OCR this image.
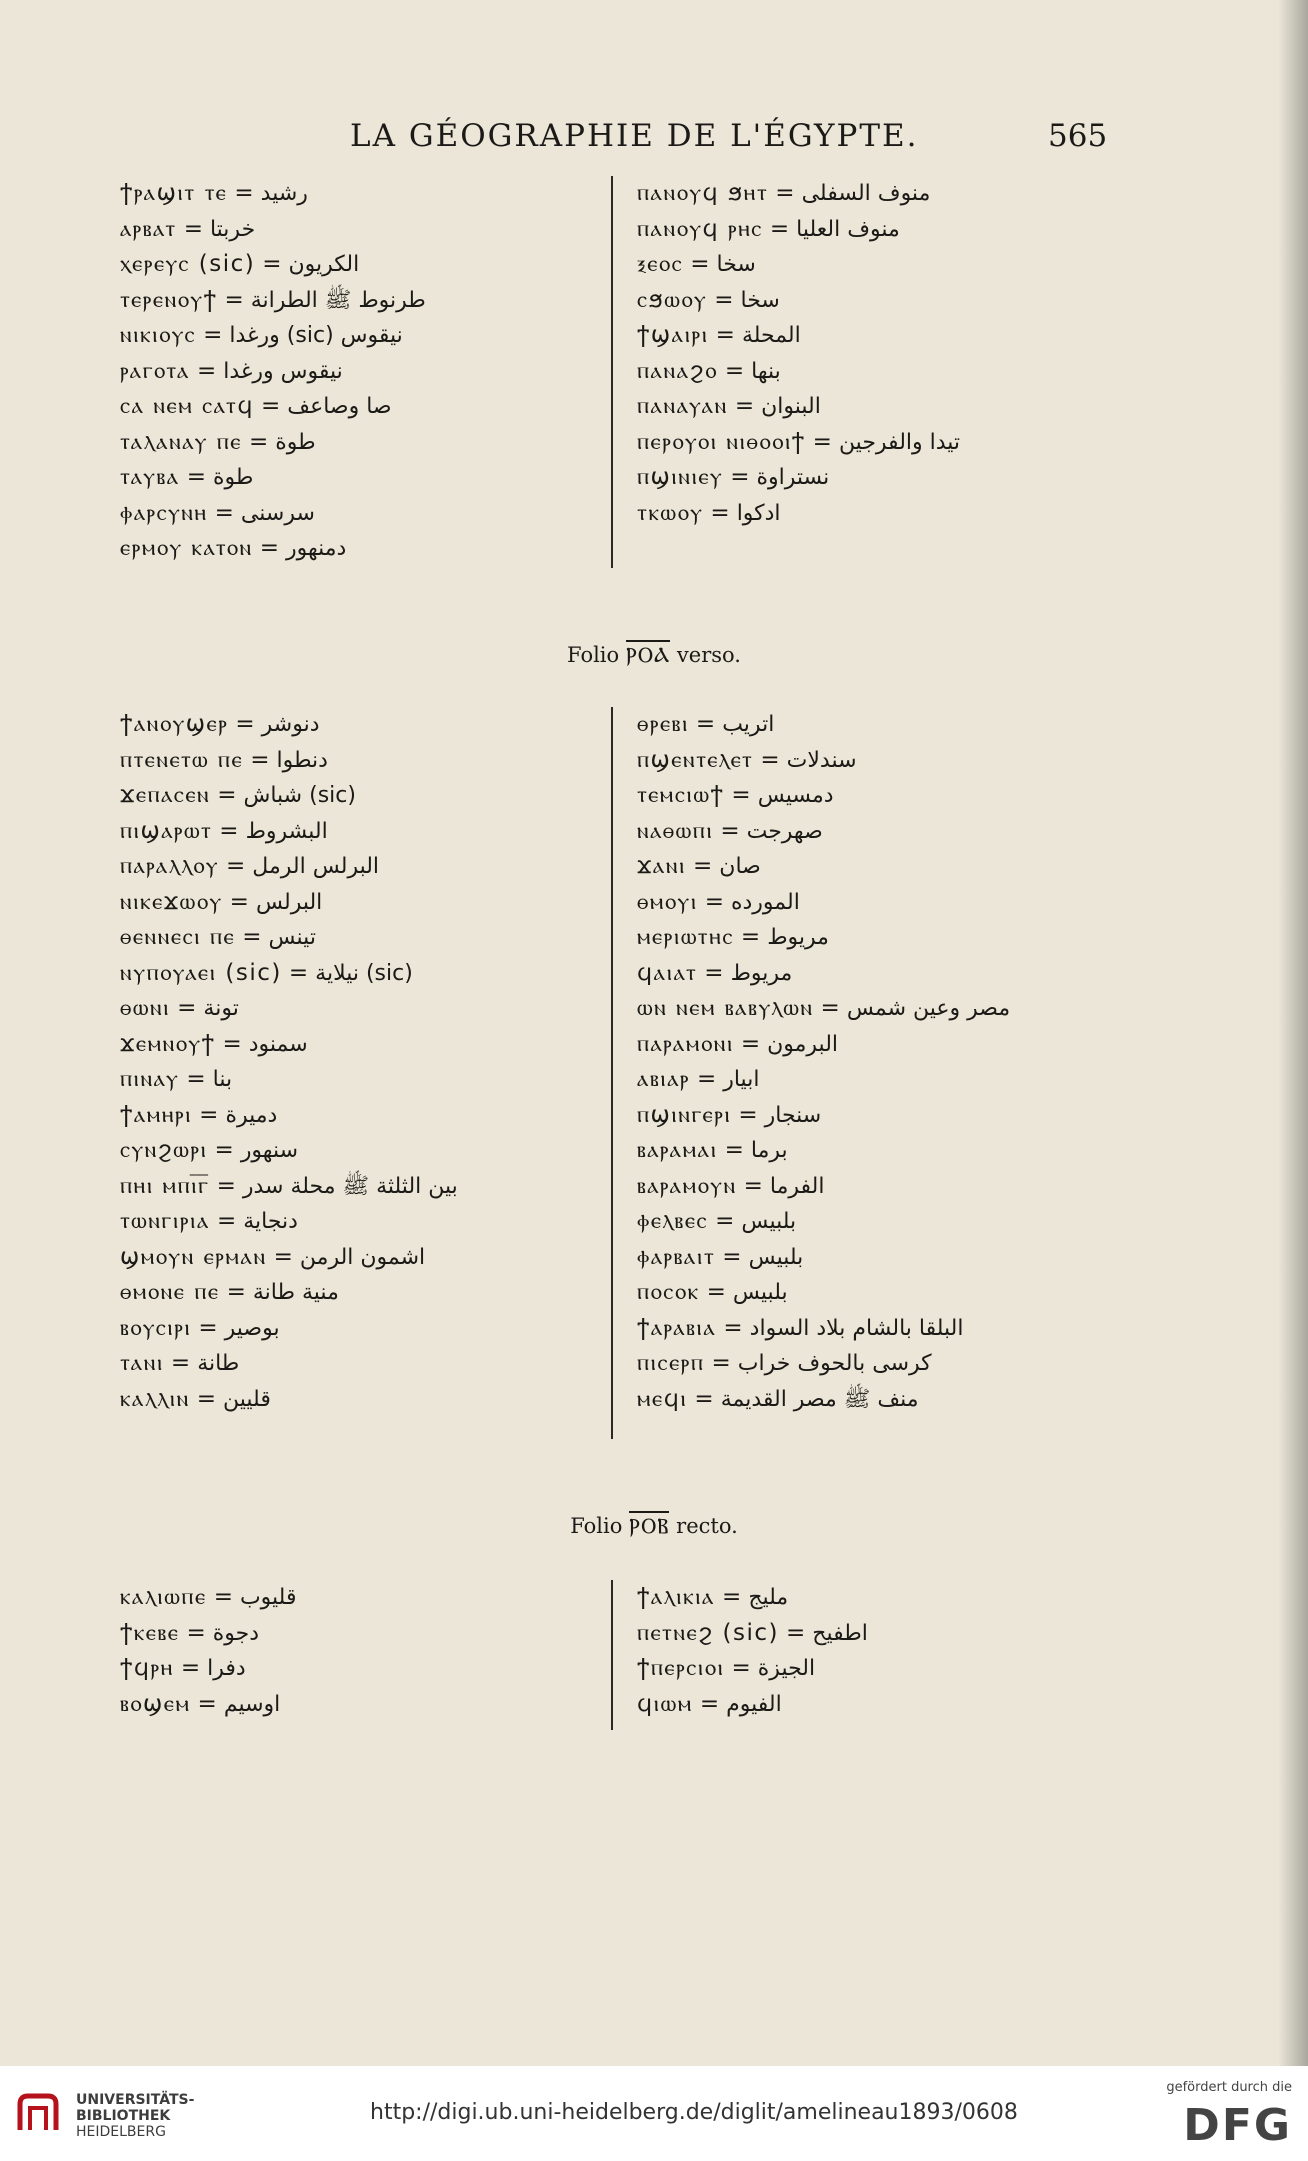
LA GÉOGRAPHIE DE L'ÉGYPTE.	565
ϯⲣⲁϣⲓⲧ ⲧⲉ = رشيد
ⲁⲣⲃⲁⲧ = خربتا
ⲭⲉⲣⲉⲩⲥ (sic) = الكريون
ⲧⲉⲣⲉⲛⲟⲩϯ = طرنوط ﷺ الطرانة
ⲛⲓⲕⲓⲟⲩⲥ = نيقوس (sic) ورغدا
ⲣⲁⲅⲟⲧⲁ = نيقوس ورغدا
ⲥⲁ ⲛⲉⲙ ⲥⲁⲧϥ = صا وصاعف
ⲧⲁⲗⲁⲛⲁⲩ ⲡⲉ = طوة
ⲧⲁⲩⲃⲁ = طوة
ⲫⲁⲣⲥⲩⲛⲏ = سرسنى
ⲉⲣⲙⲟⲩ ⲕⲁⲧⲟⲛ = دمنهور
ⲡⲁⲛⲟⲩϥ ϧⲏⲧ = منوف السفلى
ⲡⲁⲛⲟⲩϥ ⲣⲏⲥ = منوف العليا
ⲝⲉⲟⲥ = سخا
ⲥϧⲱⲟⲩ = سخا
ϯϣⲁⲓⲣⲓ = المحلة
ⲡⲁⲛⲁϩⲟ = بنها
ⲡⲁⲛⲁⲩⲁⲛ = البنوان
ⲡⲉⲣⲟⲩⲟⲓ ⲛⲓⲑⲟⲟⲓϯ = تيدا والفرجين
ⲡϣⲓⲛⲓⲉⲩ = نستراوة
ⲧⲕⲱⲟⲩ = ادكوا
Folio ⲢⲞⲀ verso.
ϯⲁⲛⲟⲩϣⲉⲣ = دنوشر
ⲡⲧⲉⲛⲉⲧⲱ ⲡⲉ = دنطوا
ϫⲉⲡⲁⲥⲉⲛ = (sic) شباش
ⲡⲓϣⲁⲣⲱⲧ = البشروط
ⲡⲁⲣⲁⲗⲗⲟⲩ = البرلس الرمل
ⲛⲓⲕⲉϫⲱⲟⲩ = البرلس
ⲑⲉⲛⲛⲉⲥⲓ ⲡⲉ = تينس
ⲛⲩⲡⲟⲩⲁⲉⲓ (sic) = (sic) نيلاية
ⲑⲱⲛⲓ = تونة
ϫⲉⲙⲛⲟⲩϯ = سمنود
ⲡⲓⲛⲁⲩ = بنا
ϯⲁⲙⲏⲣⲓ = دميرة
ⲥⲩⲛϩⲱⲣⲓ = سنهور
ⲡⲏⲓ ⲙⲡⲓ̅ⲅ̅ = بين الثلثة ﷺ محلة سدر
ⲧⲱⲛⲅⲓⲣⲓⲁ = دنجاية
ϣⲙⲟⲩⲛ ⲉⲣⲙⲁⲛ = اشمون الرمن
ⲑⲙⲟⲛⲉ ⲡⲉ = منية طانة
ⲃⲟⲩⲥⲓⲣⲓ = بوصير
ⲧⲁⲛⲓ = طانة
ⲕⲁⲗⲗⲓⲛ = قليين
ⲑⲣⲉⲃⲓ = اتريب
ⲡϣⲉⲛⲧⲉⲗⲉⲧ = سندلات
ⲧⲉⲙⲥⲓⲱϯ = دمسيس
ⲛⲁⲑⲱⲡⲓ = صهرجت
ϫⲁⲛⲓ = صان
ⲑⲙⲟⲩⲓ = المورده
ⲙⲉⲣⲓⲱⲧⲏⲥ = مريوط
ϥⲁⲓⲁⲧ = مريوط
ⲱⲛ ⲛⲉⲙ ⲃⲁⲃⲩⲗⲱⲛ = مصر وعين شمس
ⲡⲁⲣⲁⲙⲟⲛⲓ = البرمون
ⲁⲃⲓⲁⲣ = ابيار
ⲡϣⲓⲛⲅⲉⲣⲓ = سنجار
ⲃⲁⲣⲁⲙⲁⲓ = برما
ⲃⲁⲣⲁⲙⲟⲩⲛ = الفرما
ⲫⲉⲗⲃⲉⲥ = بلبيس
ⲫⲁⲣⲃⲁⲓⲧ = بلبيس
ⲡⲟⲥⲟⲕ = بلبيس
ϯⲁⲣⲁⲃⲓⲁ = البلقا بالشام بلاد السواد
ⲡⲓⲥⲉⲣⲡ = كرسى بالحوف خراب
ⲙⲉϥⲓ = منف ﷺ مصر القديمة
Folio ⲢⲞⲂ recto.
ⲕⲁⲗⲓⲱⲡⲉ = قليوب
ϯⲕⲉⲃⲉ = دجوة
ϯϥⲣⲏ = دفرا
ⲃⲟϣⲉⲙ = اوسيم
ϯⲁⲗⲓⲕⲓⲁ = مليج
ⲡⲉⲧⲛⲉϩ (sic) = اطفيح
ϯⲡⲉⲣⲥⲓⲟⲓ = الجيزة
ϥⲓⲱⲙ = الفيوم
UNIVERSITÄTS-
BIBLIOTHEK
HEIDELBERG
http://digi.ub.uni-heidelberg.de/diglit/amelineau1893/0608
gefördert durch die
DFG
